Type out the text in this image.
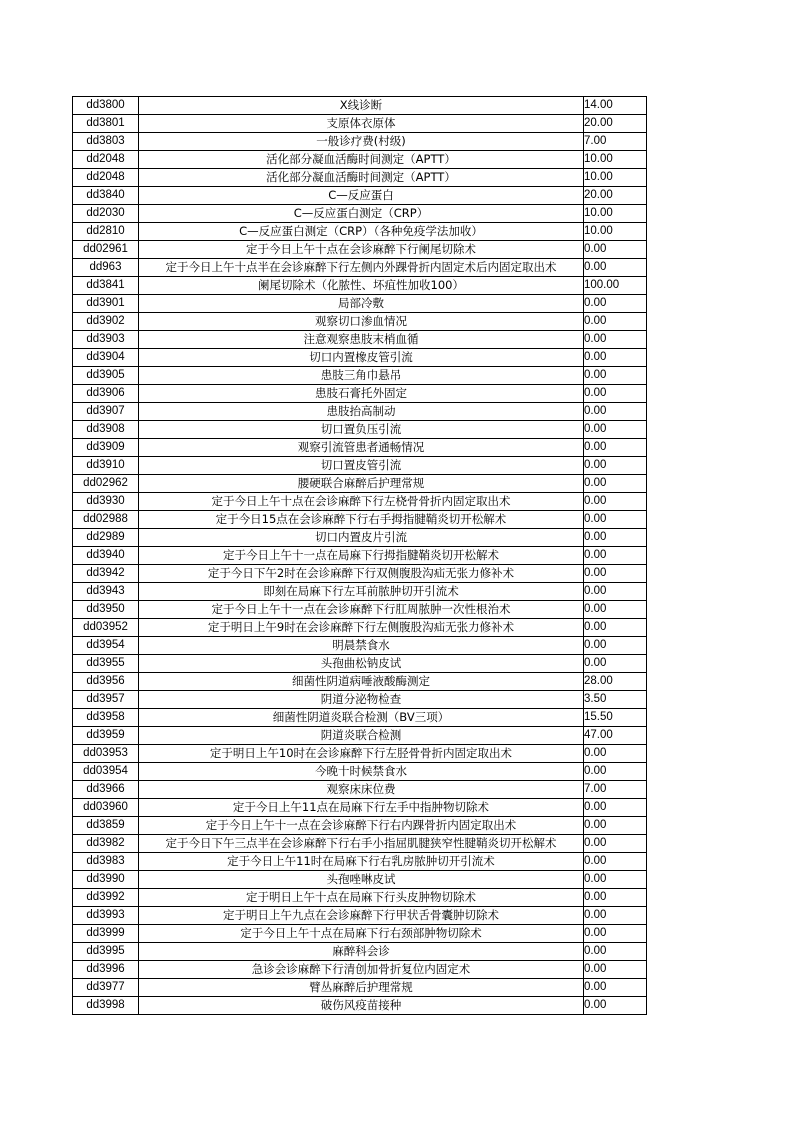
dd3800	X线诊断	14.00
dd3801	支原体衣原体	20.00
dd3803	一般诊疗费(村级)	7.00
dd2048	活化部分凝血活酶时间测定（APTT）	10.00
dd2048	活化部分凝血活酶时间测定（APTT）	10.00
dd3840	C—反应蛋白	20.00
dd2030	C—反应蛋白测定（CRP）	10.00
dd2810	C—反应蛋白测定（CRP）（各种免疫学法加收）	10.00
dd02961	定于今日上午十点在会诊麻醉下行阑尾切除术	0.00
dd963	定于今日上午十点半在会诊麻醉下行左侧内外踝骨折内固定术后内固定取出术	0.00
dd3841	阑尾切除术（化脓性、坏疽性加收100）	100.00
dd3901	局部冷敷	0.00
dd3902	观察切口渗血情况	0.00
dd3903	注意观察患肢末梢血循	0.00
dd3904	切口内置橡皮管引流	0.00
dd3905	患肢三角巾悬吊	0.00
dd3906	患肢石膏托外固定	0.00
dd3907	患肢抬高制动	0.00
dd3908	切口置负压引流	0.00
dd3909	观察引流管患者通畅情况	0.00
dd3910	切口置皮管引流	0.00
dd02962	腰硬联合麻醉后护理常规	0.00
dd3930	定于今日上午十点在会诊麻醉下行左桡骨骨折内固定取出术	0.00
dd02988	定于今日15点在会诊麻醉下行右手拇指腱鞘炎切开松解术	0.00
dd2989	切口内置皮片引流	0.00
dd3940	定于今日上午十一点在局麻下行拇指腱鞘炎切开松解术	0.00
dd3942	定于今日下午2时在会诊麻醉下行双侧腹股沟疝无张力修补术	0.00
dd3943	即刻在局麻下行左耳前脓肿切开引流术	0.00
dd3950	定于今日上午十一点在会诊麻醉下行肛周脓肿一次性根治术	0.00
dd03952	定于明日上午9时在会诊麻醉下行左侧腹股沟疝无张力修补术	0.00
dd3954	明晨禁食水	0.00
dd3955	头孢曲松钠皮试	0.00
dd3956	细菌性阴道病唾液酸酶测定	28.00
dd3957	阴道分泌物检查	3.50
dd3958	细菌性阴道炎联合检测（BV三项）	15.50
dd3959	阴道炎联合检测	47.00
dd03953	定于明日上午10时在会诊麻醉下行左胫骨骨折内固定取出术	0.00
dd03954	今晚十时候禁食水	0.00
dd3966	观察床床位费	7.00
dd03960	定于今日上午11点在局麻下行左手中指肿物切除术	0.00
dd3859	定于今日上午十一点在会诊麻醉下行右内踝骨折内固定取出术	0.00
dd3982	定于今日下午三点半在会诊麻醉下行右手小指屈肌腱狭窄性腱鞘炎切开松解术	0.00
dd3983	定于今日上午11时在局麻下行右乳房脓肿切开引流术	0.00
dd3990	头孢唑啉皮试	0.00
dd3992	定于明日上午十点在局麻下行头皮肿物切除术	0.00
dd3993	定于明日上午九点在会诊麻醉下行甲状舌骨囊肿切除术	0.00
dd3999	定于今日上午十点在局麻下行右颈部肿物切除术	0.00
dd3995	麻醉科会诊	0.00
dd3996	急诊会诊麻醉下行清创加骨折复位内固定术	0.00
dd3977	臂丛麻醉后护理常规	0.00
dd3998	破伤风疫苗接种	0.00
